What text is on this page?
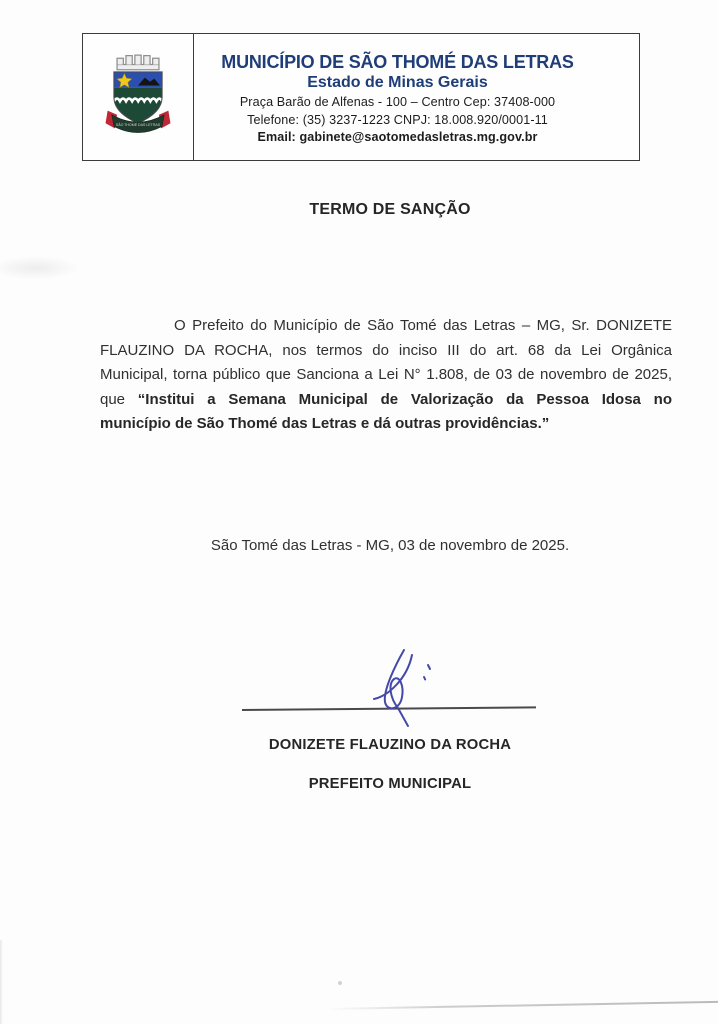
SÃO THOMÉ DAS LETRAS
MUNICÍPIO DE SÃO THOMÉ DAS LETRAS
Estado de Minas Gerais
Praça Barão de Alfenas - 100 – Centro Cep: 37408-000
Telefone: (35) 3237-1223 CNPJ: 18.008.920/0001-11
Email: gabinete@saotomedasletras.mg.gov.br
TERMO DE SANÇÃO
O Prefeito do Município de São Tomé das Letras – MG, Sr. DONIZETE
FLAUZINO DA ROCHA, nos termos do inciso III do art. 68 da Lei Orgânica
Municipal, torna público que Sanciona a Lei N° 1.808, de 03 de novembro de 2025,
que “Institui a Semana Municipal de Valorização da Pessoa Idosa no
município de São Thomé das Letras e dá outras providências.”
São Tomé das Letras - MG, 03 de novembro de 2025.
DONIZETE FLAUZINO DA ROCHA
PREFEITO MUNICIPAL
